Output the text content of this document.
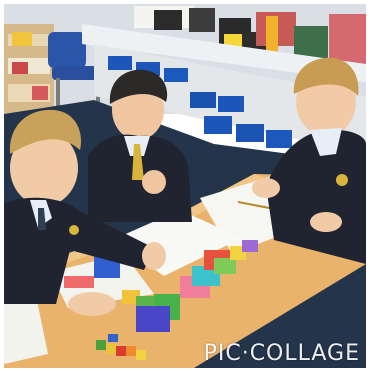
PIC·COLLAGE
